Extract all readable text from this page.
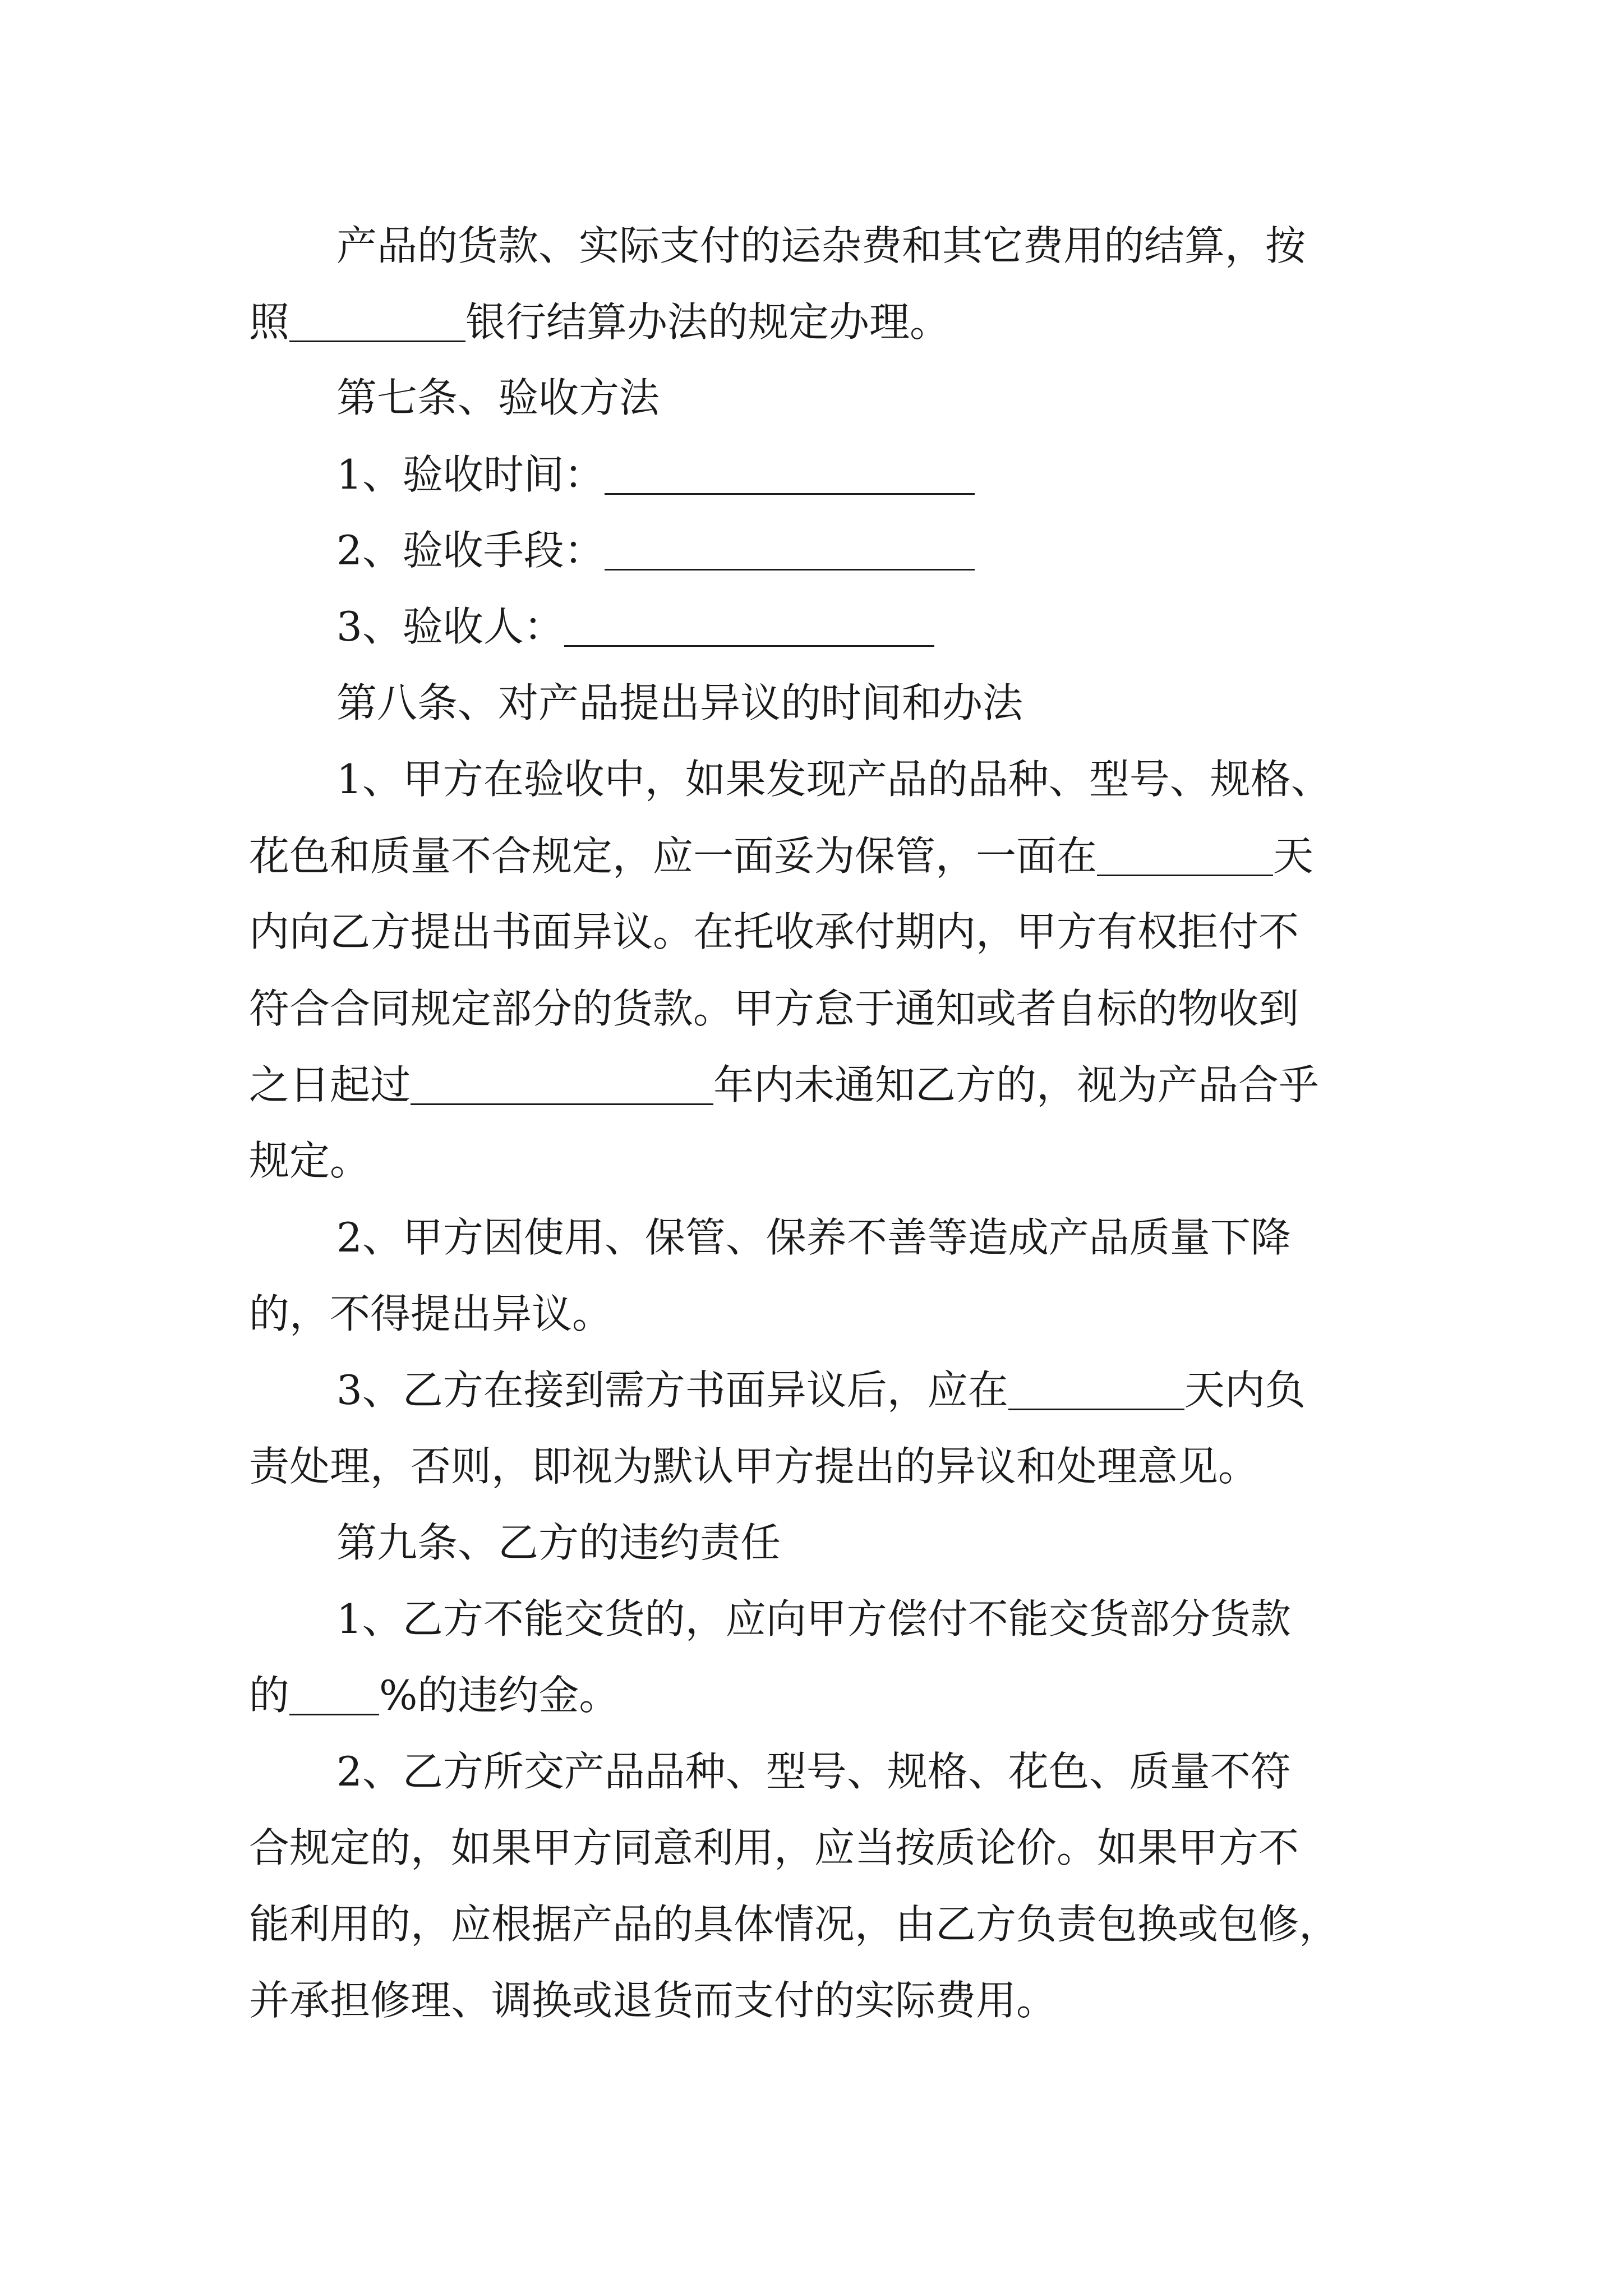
产品的货款、实际支付的运杂费和其它费用的结算，按
照	银行结算办法的规定办理。
第七条、验收方法
1、验收时间：
2、验收手段：
3、验收人：
第八条、对产品提出异议的时间和办法
1、甲方在验收中，如果发现产品的品种、型号、规格、
花色和质量不合规定，应一面妥为保管，一面在	天
内向乙方提出书面异议。在托收承付期内，甲方有权拒付不
符合合同规定部分的货款。甲方怠于通知或者自标的物收到
之日起过	年内未通知乙方的，视为产品合乎
规定。
2、甲方因使用、保管、保养不善等造成产品质量下降
的，不得提出异议。
3、乙方在接到需方书面异议后，应在	天内负
责处理，否则，即视为默认甲方提出的异议和处理意见。
第九条、乙方的违约责任
1、乙方不能交货的，应向甲方偿付不能交货部分货款
的 %的违约金。
2、乙方所交产品品种、型号、规格、花色、质量不符
合规定的，如果甲方同意利用，应当按质论价。如果甲方不
能利用的，应根据产品的具体情况，由乙方负责包换或包修，
并承担修理、调换或退货而支付的实际费用。
